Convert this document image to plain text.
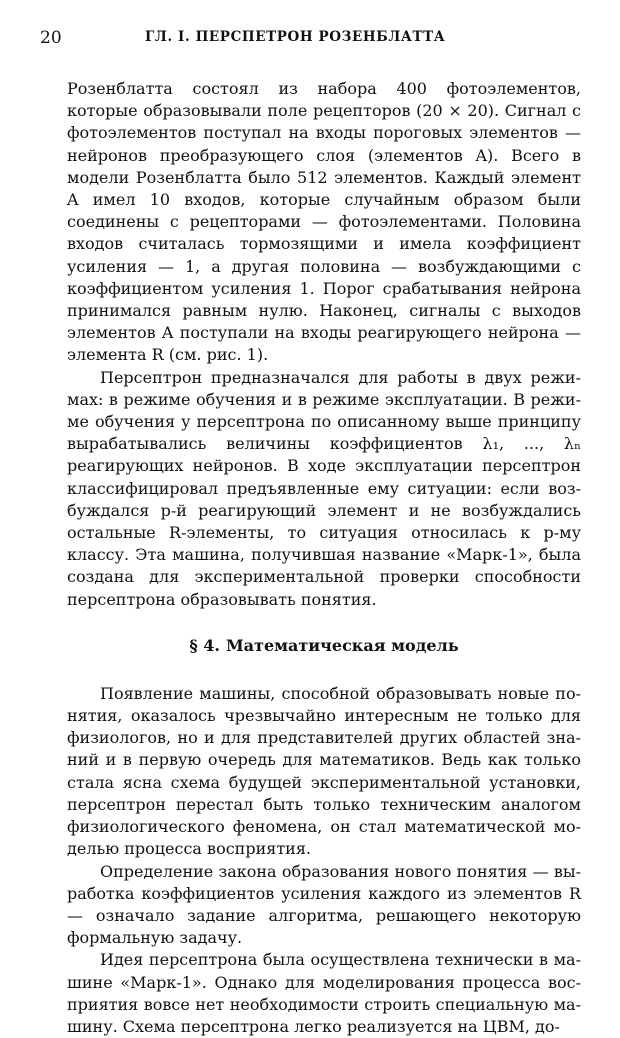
20	ГЛ. I. ПЕРСПЕТРОН РОЗЕНБЛАТТА

Розенблатта состоял из набора 400 фотоэлементов, которые образовывали поле рецепторов (20 × 20). Сигнал с фотоэлементов поступал на входы пороговых элементов — нейронов преобразующего слоя (элементов A). Всего в модели Розенблатта было 512 элементов. Каждый элемент A имел 10 входов, которые случайным образом были соединены с рецепторами — фотоэлементами. Половина входов считалась тормозящими и имела коэффициент усиления — 1, а другая половина — возбуждающими с коэффициентом усиления 1. Порог срабатывания нейрона принимался равным нулю. Наконец, сигналы с выходов элементов A поступали на входы реагирующего нейрона — элемента R (см. рис. 1).

Персептрон предназначался для работы в двух режимах: в режиме обучения и в режиме эксплуатации. В режиме обучения у персептрона по описанному выше принципу вырабатывались величины коэффициентов λ₁, ..., λₙ реагирующих нейронов. В ходе эксплуатации персептрон классифицировал предъявленные ему ситуации: если возбуждался p-й реагирующий элемент и не возбуждались остальные R-элементы, то ситуация относилась к p-му классу. Эта машина, получившая название «Марк-1», была создана для экспериментальной проверки способности персептрона образовывать понятия.

§ 4. Математическая модель

Появление машины, способной образовывать новые понятия, оказалось чрезвычайно интересным не только для физиологов, но и для представителей других областей знаний и в первую очередь для математиков. Ведь как только стала ясна схема будущей экспериментальной установки, персептрон перестал быть только техническим аналогом физиологического феномена, он стал математической моделью процесса восприятия.

Определение закона образования нового понятия — выработка коэффициентов усиления каждого из элементов R — означало задание алгоритма, решающего некоторую формальную задачу.

Идея персептрона была осуществлена технически в машине «Марк-1». Однако для моделирования процесса восприятия вовсе нет необходимости строить специальную машину. Схема персептрона легко реализуется на ЦВМ, до-
